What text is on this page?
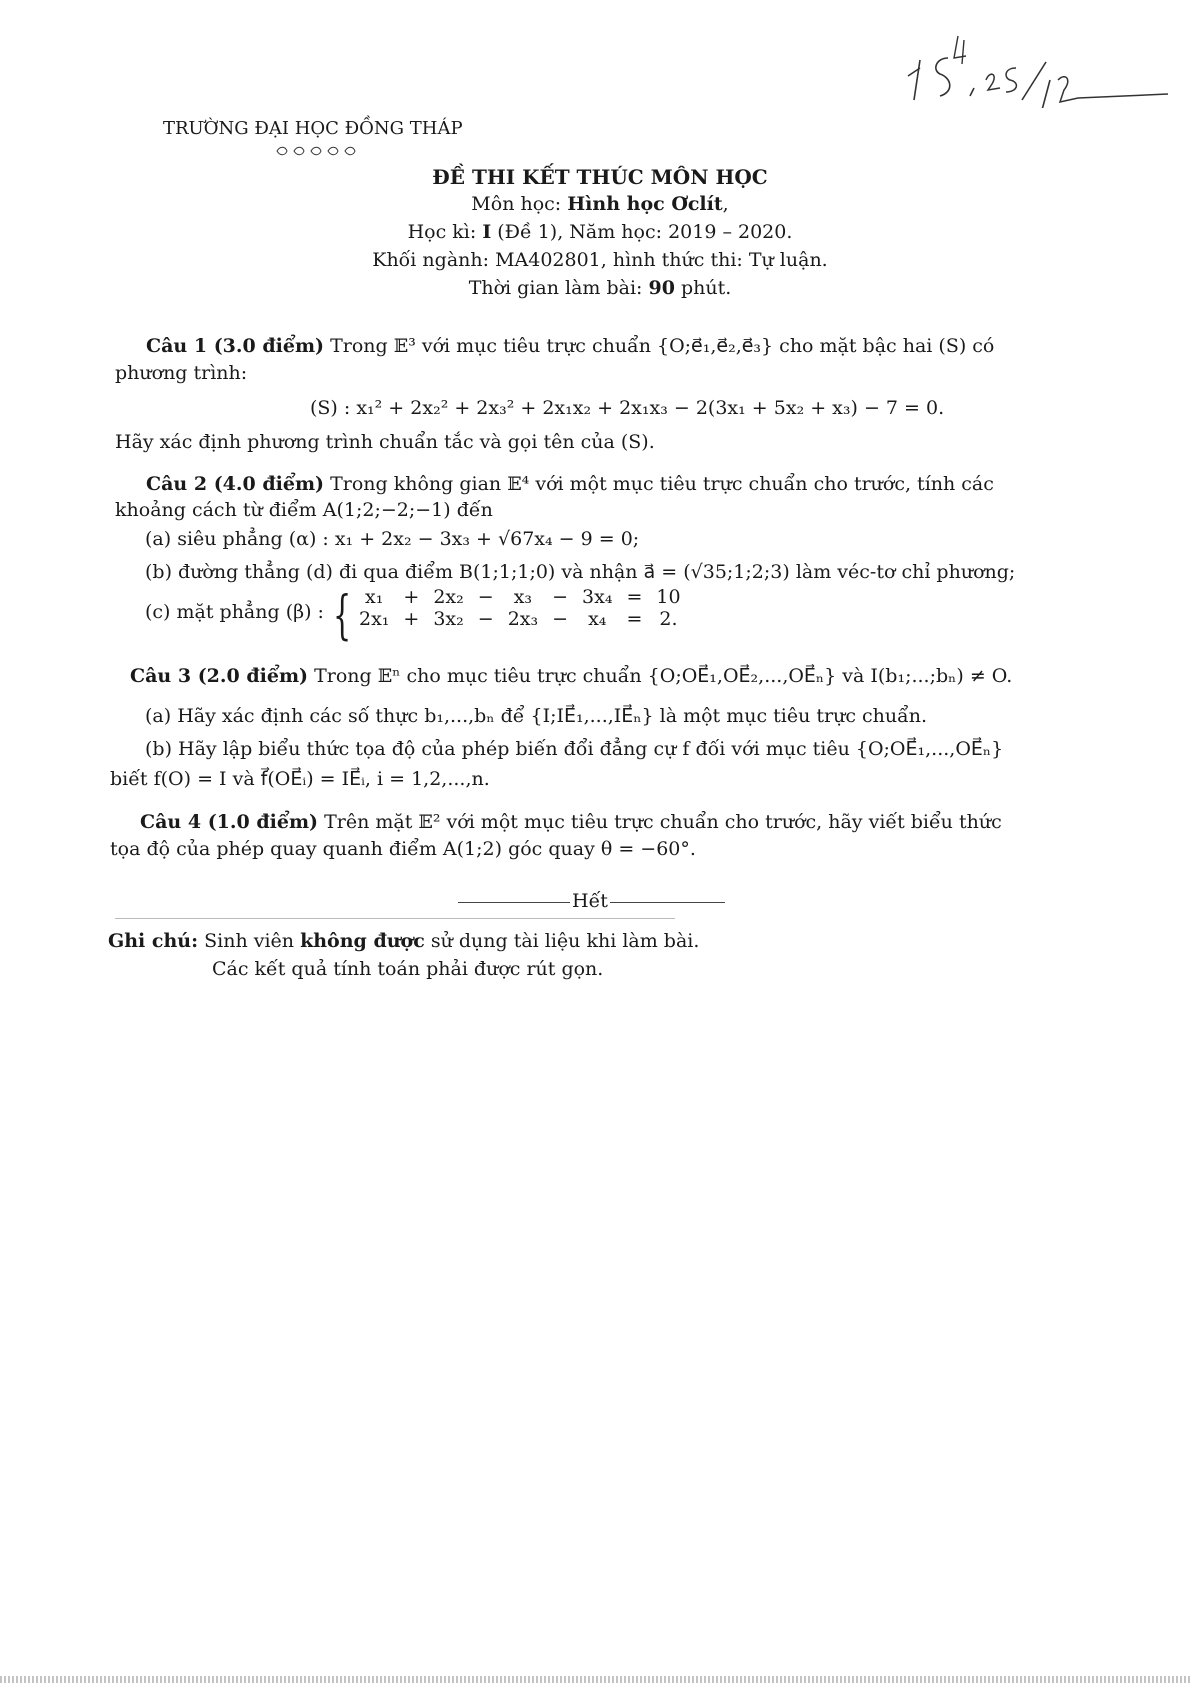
TRƯỜNG ĐẠI HỌC ĐỒNG THÁP
ĐỀ THI KẾT THÚC MÔN HỌC
Môn học: Hình học Ơclít,
Học kì: I (Đề 1), Năm học: 2019 – 2020.
Khối ngành: MA402801, hình thức thi: Tự luận.
Thời gian làm bài: 90 phút.
Câu 1 (3.0 điểm) Trong 𝔼³ với mục tiêu trực chuẩn {O;e⃗₁,e⃗₂,e⃗₃} cho mặt bậc hai (S) có
phương trình:
(S) : x₁² + 2x₂² + 2x₃² + 2x₁x₂ + 2x₁x₃ − 2(3x₁ + 5x₂ + x₃) − 7 = 0.
Hãy xác định phương trình chuẩn tắc và gọi tên của (S).
Câu 2 (4.0 điểm) Trong không gian 𝔼⁴ với một mục tiêu trực chuẩn cho trước, tính các
khoảng cách từ điểm A(1;2;−2;−1) đến
(a) siêu phẳng (α) : x₁ + 2x₂ − 3x₃ + √67x₄ − 9 = 0;
(b) đường thẳng (d) đi qua điểm B(1;1;1;0) và nhận a⃗ = (√35;1;2;3) làm véc-tơ chỉ phương;
(c) mặt phẳng (β) : { x₁	+	2x₂	−	x₃	−	3x₄	=	10
2x₁	+	3x₂	−	2x₃	−	x₄	=	2.
Câu 3 (2.0 điểm) Trong 𝔼ⁿ cho mục tiêu trực chuẩn {O;OE⃗₁,OE⃗₂,...,OE⃗ₙ} và I(b₁;...;bₙ) ≠ O.
(a) Hãy xác định các số thực b₁,...,bₙ để {I;IE⃗₁,...,IE⃗ₙ} là một mục tiêu trực chuẩn.
(b) Hãy lập biểu thức tọa độ của phép biến đổi đẳng cự f đối với mục tiêu {O;OE⃗₁,...,OE⃗ₙ}
biết f(O) = I và f⃗(OE⃗ᵢ) = IE⃗ᵢ, i = 1,2,...,n.
Câu 4 (1.0 điểm) Trên mặt 𝔼² với một mục tiêu trực chuẩn cho trước, hãy viết biểu thức
tọa độ của phép quay quanh điểm A(1;2) góc quay θ = −60°.
Hết
Ghi chú: Sinh viên không được sử dụng tài liệu khi làm bài.
Các kết quả tính toán phải được rút gọn.
